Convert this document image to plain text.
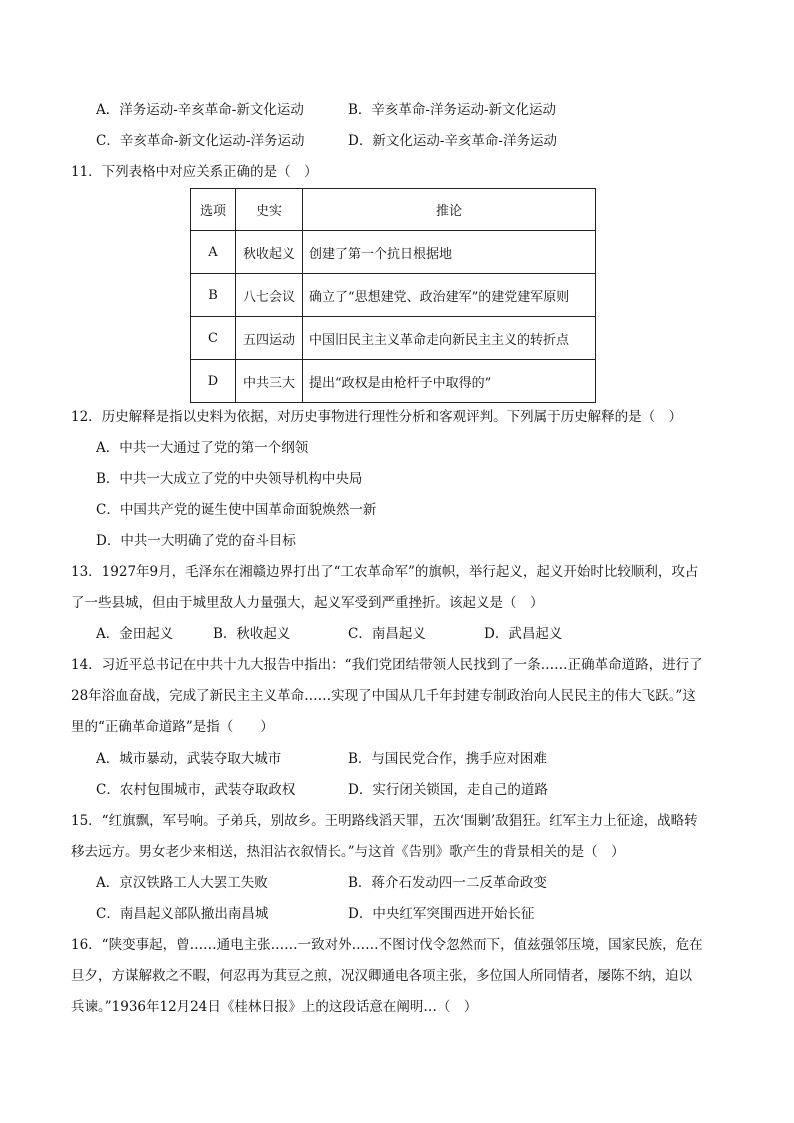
A．洋务运动-辛亥革命-新文化运动	B．辛亥革命-洋务运动-新文化运动
C．辛亥革命-新文化运动-洋务运动	D．新文化运动-辛亥革命-洋务运动
11．下列表格中对应关系正确的是（　）
选项	史实	推论
A	秋收起义	创建了第一个抗日根据地
B	八七会议	确立了“思想建党、政治建军”的建党建军原则
C	五四运动	中国旧民主主义革命走向新民主主义的转折点
D	中共三大	提出“政权是由枪杆子中取得的”
12．历史解释是指以史料为依据，对历史事物进行理性分析和客观评判。下列属于历史解释的是（　）
A．中共一大通过了党的第一个纲领
B．中共一大成立了党的中央领导机构中央局
C．中国共产党的诞生使中国革命面貌焕然一新
D．中共一大明确了党的奋斗目标
13．1927年9月，毛泽东在湘赣边界打出了“工农革命军”的旗帜，举行起义，起义开始时比较顺利，攻占
了一些县城，但由于城里敌人力量强大，起义军受到严重挫折。该起义是（　）
A．金田起义	B．秋收起义	C．南昌起义	D．武昌起义
14．习近平总书记在中共十九大报告中指出：“我们党团结带领人民找到了一条……正确革命道路，进行了
28年浴血奋战，完成了新民主主义革命……实现了中国从几千年封建专制政治向人民民主的伟大飞跃。”这
里的“正确革命道路”是指（　　）
A．城市暴动，武装夺取大城市	B．与国民党合作，携手应对困难
C．农村包围城市，武装夺取政权	D．实行闭关锁国，走自己的道路
15．“红旗飘，军号响。子弟兵，别故乡。王明路线滔天罪，五次‘围剿’敌猖狂。红军主力上征途，战略转
移去远方。男女老少来相送，热泪沾衣叙情长。”与这首《告别》歌产生的背景相关的是（　）
A．京汉铁路工人大罢工失败	B．蒋介石发动四一二反革命政变
C．南昌起义部队撤出南昌城	D．中央红军突围西进开始长征
16．“陕变事起，曾……通电主张……一致对外……不图讨伐令忽然而下，值兹强邻压境，国家民族，危在
旦夕，方谋解救之不暇，何忍再为萁豆之煎，况汉卿通电各项主张，多位国人所同情者，屡陈不纳，迫以
兵谏。”1936年12月24日《桂林日报》上的这段话意在阐明…（　）
